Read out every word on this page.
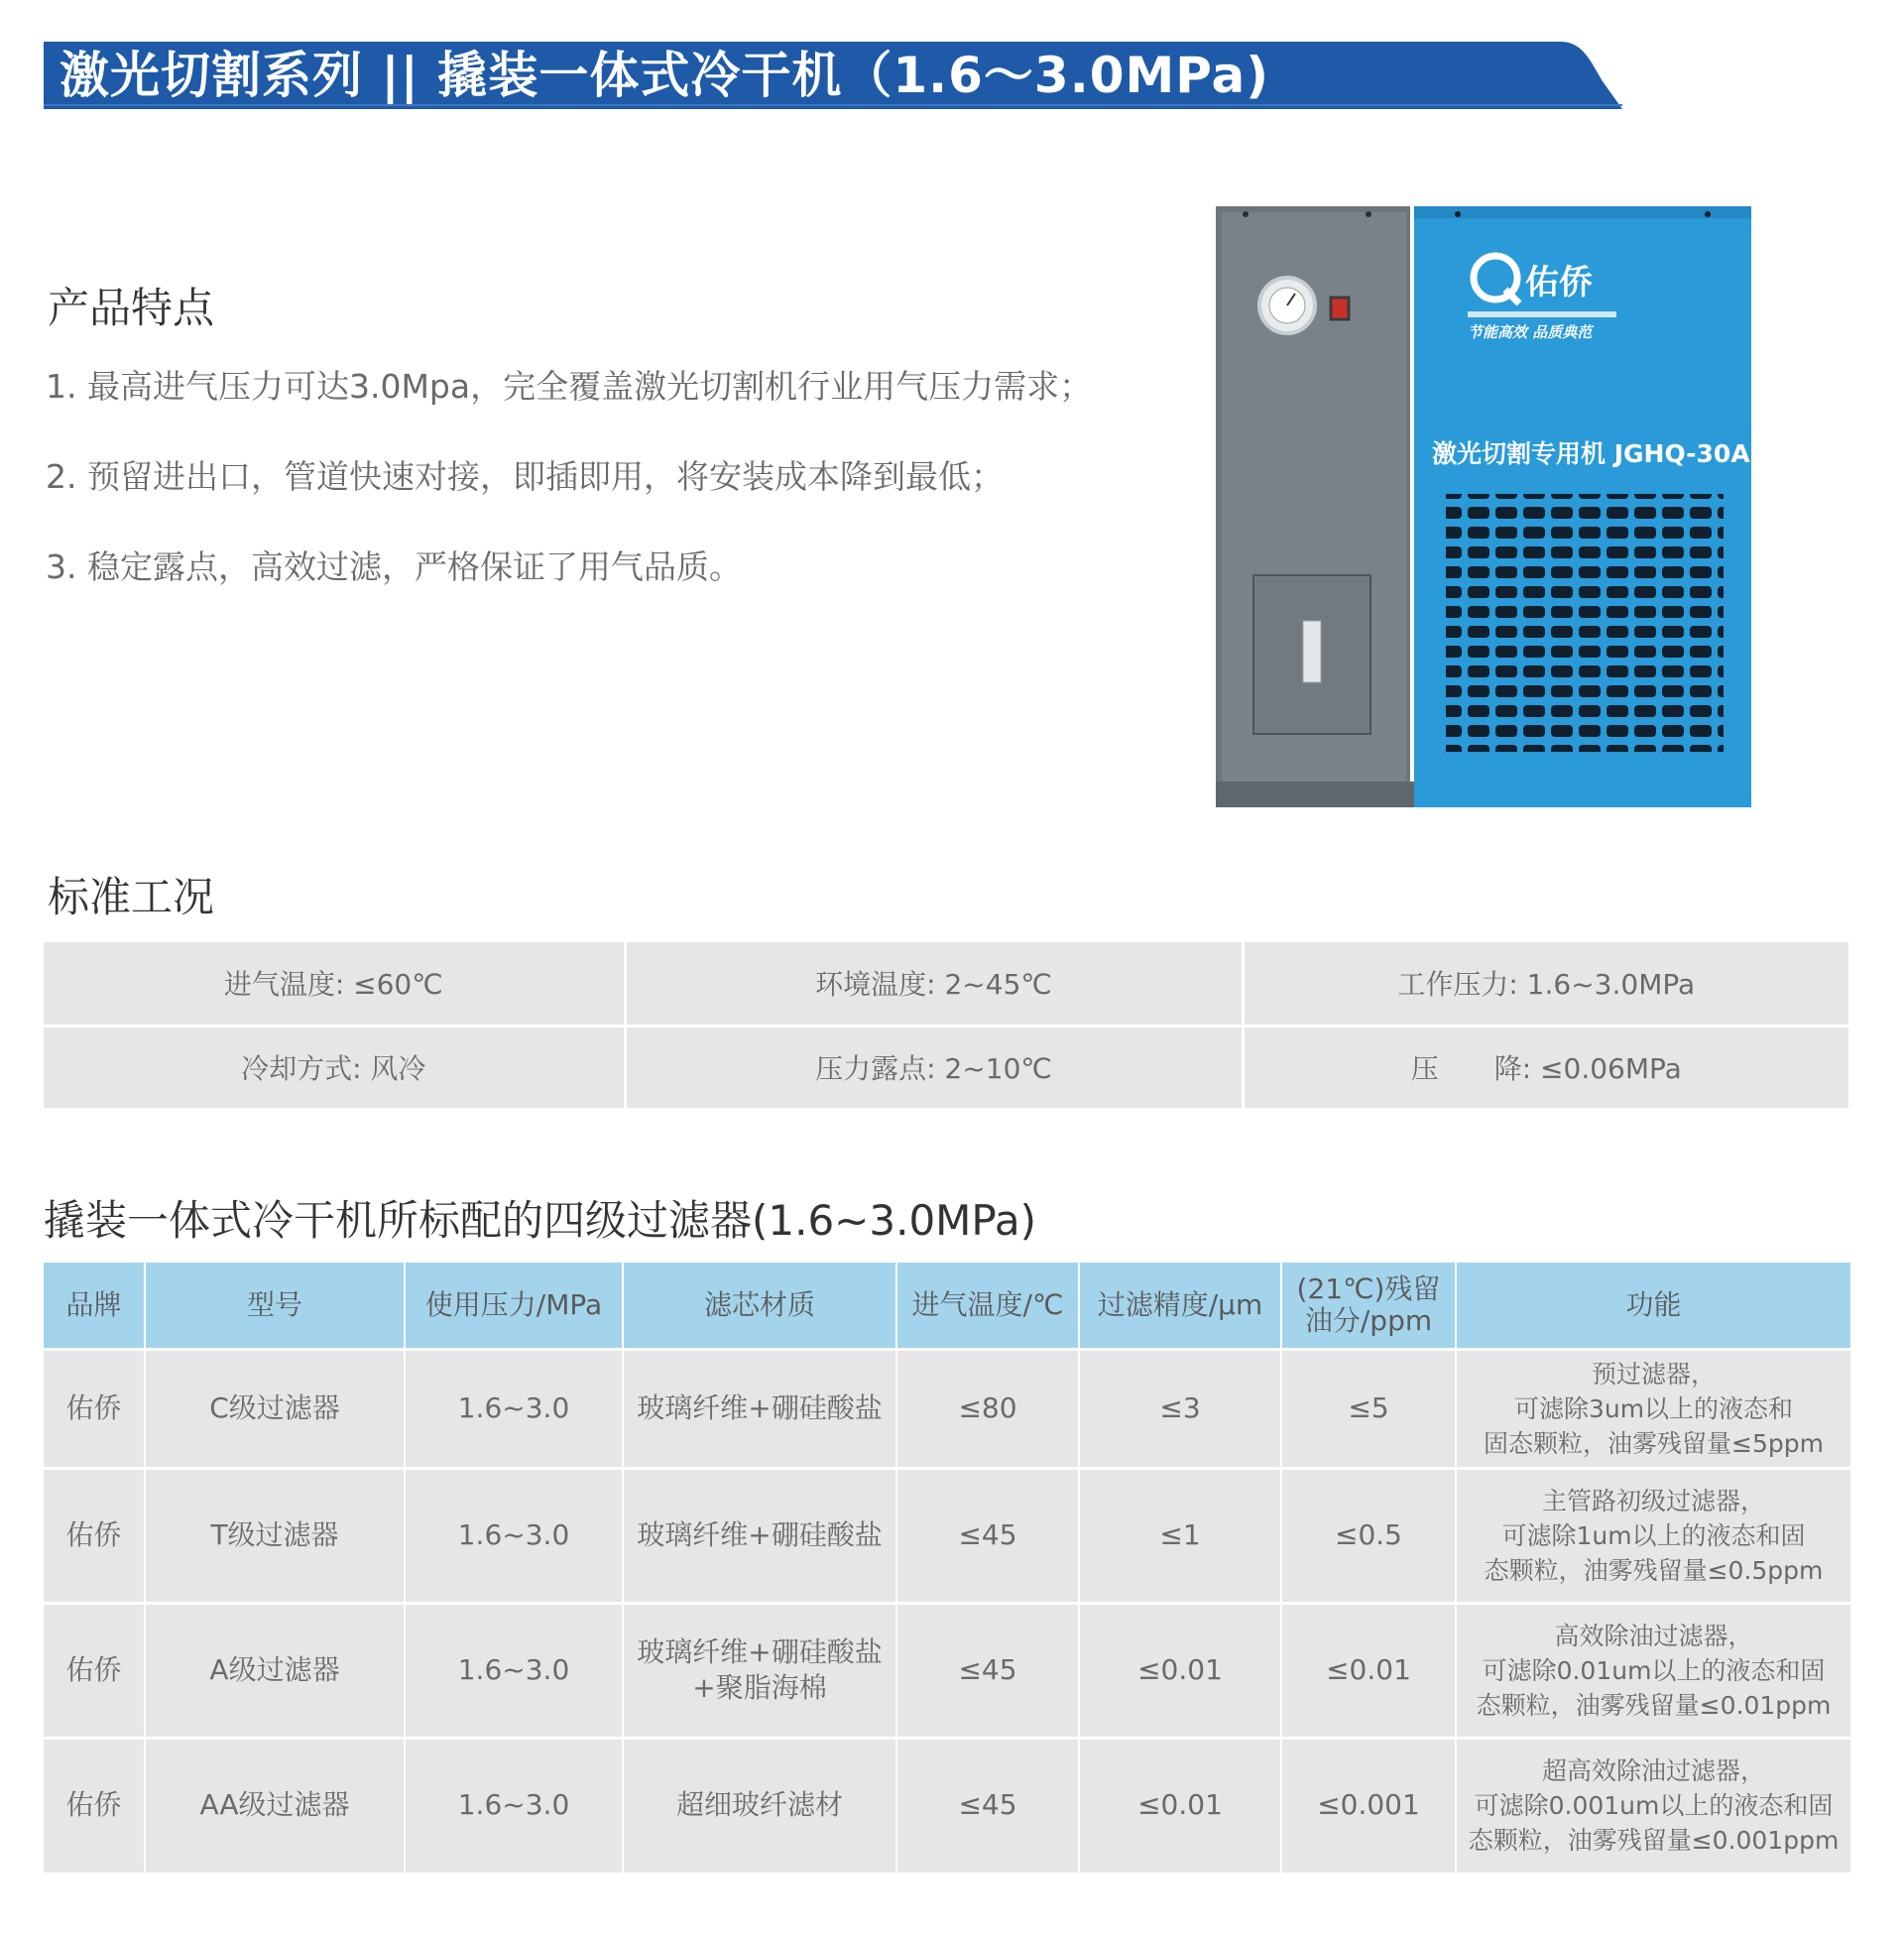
激光切割系列 || 撬装一体式冷干机（1.6～3.0MPa)
产品特点
1. 最高进气压力可达3.0Mpa，完全覆盖激光切割机行业用气压力需求；
2. 预留进出口，管道快速对接，即插即用，将安装成本降到最低；
3. 稳定露点，高效过滤，严格保证了用气品质。
佑侨
节能高效 品质典范
激光切割专用机 JGHQ-30A
标准工况
进气温度: ≤60℃	环境温度: 2~45℃	工作压力: 1.6~3.0MPa
冷却方式: 风冷	压力露点: 2~10℃	压　　降: ≤0.06MPa
撬装一体式冷干机所标配的四级过滤器(1.6~3.0MPa)
品牌	型号	使用压力/MPa	滤芯材质	进气温度/℃	过滤精度/μm	(21℃)残留
油分/ppm	功能
佑侨	C级过滤器	1.6~3.0	玻璃纤维+硼硅酸盐	≤80	≤3	≤5	预过滤器，
可滤除3um以上的液态和
固态颗粒，油雾残留量≤5ppm
佑侨	T级过滤器	1.6~3.0	玻璃纤维+硼硅酸盐	≤45	≤1	≤0.5	主管路初级过滤器，
可滤除1um以上的液态和固
态颗粒，油雾残留量≤0.5ppm
佑侨	A级过滤器	1.6~3.0	玻璃纤维+硼硅酸盐
+聚脂海棉	≤45	≤0.01	≤0.01	高效除油过滤器，
可滤除0.01um以上的液态和固
态颗粒，油雾残留量≤0.01ppm
佑侨	AA级过滤器	1.6~3.0	超细玻纤滤材	≤45	≤0.01	≤0.001	超高效除油过滤器，
可滤除0.001um以上的液态和固
态颗粒，油雾残留量≤0.001ppm
